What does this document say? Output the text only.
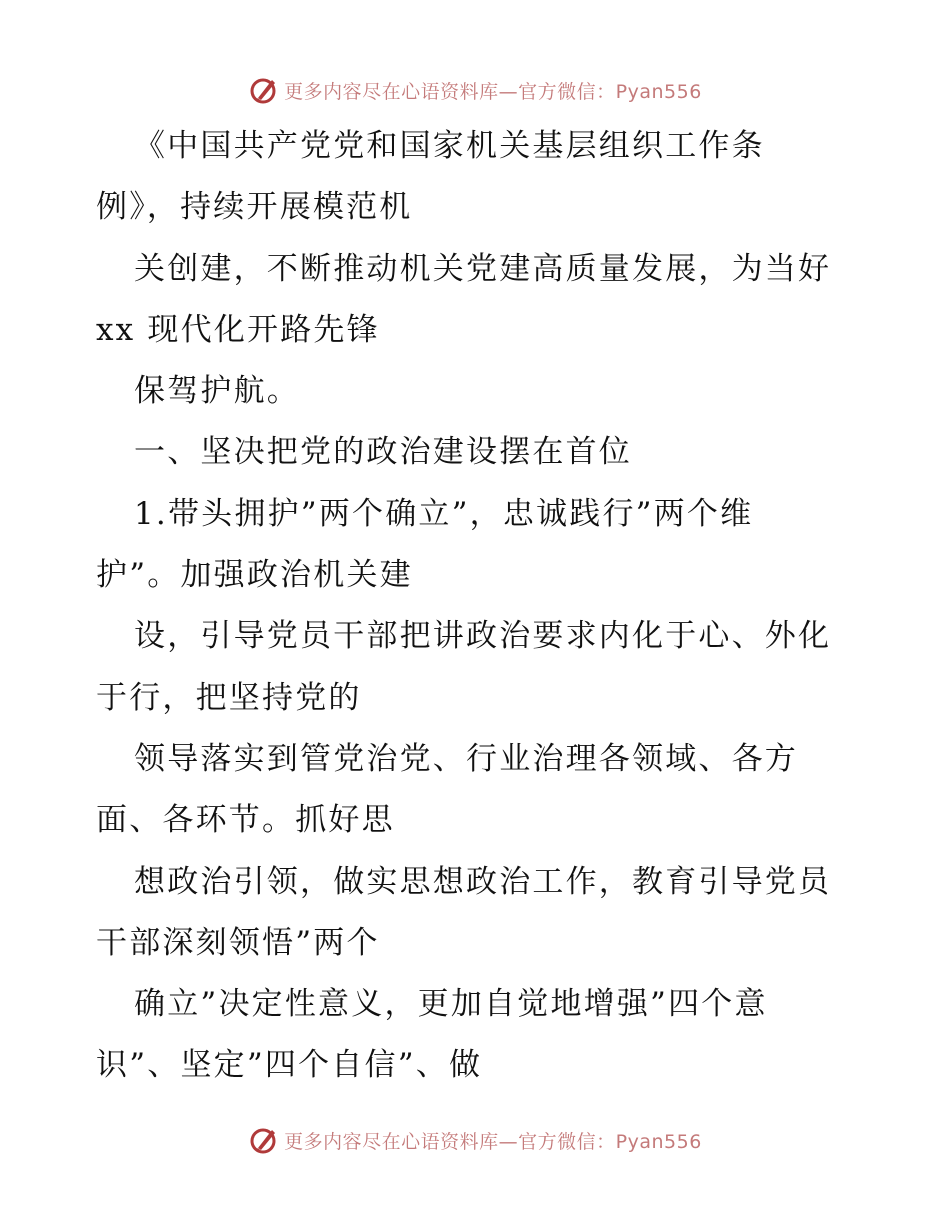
更多内容尽在心语资料库—官方微信：Pyan556
《中国共产党党和国家机关基层组织工作条
例》，持续开展模范机
关创建，不断推动机关党建高质量发展，为当好
xx 现代化开路先锋
保驾护航。
一、坚决把党的政治建设摆在首位
1.带头拥护”两个确立”，忠诚践行”两个维
护”。加强政治机关建
设，引导党员干部把讲政治要求内化于心、外化
于行，把坚持党的
领导落实到管党治党、行业治理各领域、各方
面、各环节。抓好思
想政治引领，做实思想政治工作，教育引导党员
干部深刻领悟”两个
确立”决定性意义，更加自觉地增强”四个意
识”、坚定”四个自信”、做
更多内容尽在心语资料库—官方微信：Pyan556
